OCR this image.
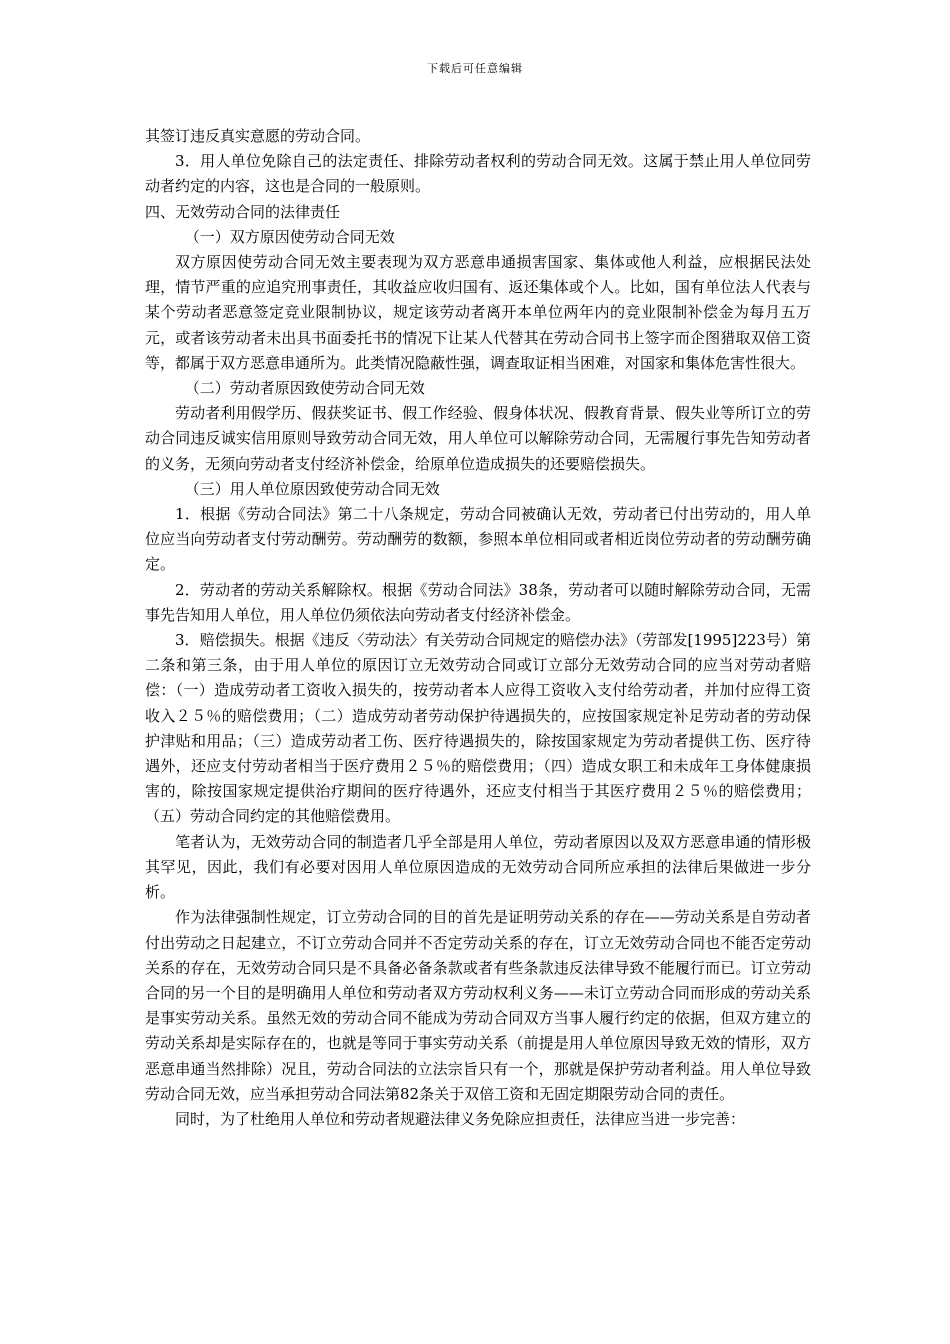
下载后可任意编辑

其签订违反真实意愿的劳动合同。

3．用人单位免除自己的法定责任、排除劳动者权利的劳动合同无效。这属于禁止用人单位同劳动者约定的内容，这也是合同的一般原则。

四、无效劳动合同的法律责任

（一）双方原因使劳动合同无效

双方原因使劳动合同无效主要表现为双方恶意串通损害国家、集体或他人利益，应根据民法处理，情节严重的应追究刑事责任，其收益应收归国有、返还集体或个人。比如，国有单位法人代表与某个劳动者恶意签定竞业限制协议，规定该劳动者离开本单位两年内的竞业限制补偿金为每月五万元，或者该劳动者未出具书面委托书的情况下让某人代替其在劳动合同书上签字而企图猎取双倍工资等，都属于双方恶意串通所为。此类情况隐蔽性强，调查取证相当困难，对国家和集体危害性很大。

（二）劳动者原因致使劳动合同无效

劳动者利用假学历、假获奖证书、假工作经验、假身体状况、假教育背景、假失业等所订立的劳动合同违反诚实信用原则导致劳动合同无效，用人单位可以解除劳动合同，无需履行事先告知劳动者的义务，无须向劳动者支付经济补偿金，给原单位造成损失的还要赔偿损失。

（三）用人单位原因致使劳动合同无效

1．根据《劳动合同法》第二十八条规定，劳动合同被确认无效，劳动者已付出劳动的，用人单位应当向劳动者支付劳动酬劳。劳动酬劳的数额，参照本单位相同或者相近岗位劳动者的劳动酬劳确定。

2．劳动者的劳动关系解除权。根据《劳动合同法》38条，劳动者可以随时解除劳动合同，无需事先告知用人单位，用人单位仍须依法向劳动者支付经济补偿金。

3．赔偿损失。根据《违反〈劳动法〉有关劳动合同规定的赔偿办法》（劳部发[1995]223号）第二条和第三条，由于用人单位的原因订立无效劳动合同或订立部分无效劳动合同的应当对劳动者赔偿：（一）造成劳动者工资收入损失的，按劳动者本人应得工资收入支付给劳动者，并加付应得工资收入２５％的赔偿费用；（二）造成劳动者劳动保护待遇损失的，应按国家规定补足劳动者的劳动保护津贴和用品；（三）造成劳动者工伤、医疗待遇损失的，除按国家规定为劳动者提供工伤、医疗待遇外，还应支付劳动者相当于医疗费用２５％的赔偿费用；（四）造成女职工和未成年工身体健康损害的，除按国家规定提供治疗期间的医疗待遇外，还应支付相当于其医疗费用２５％的赔偿费用；（五）劳动合同约定的其他赔偿费用。

笔者认为，无效劳动合同的制造者几乎全部是用人单位，劳动者原因以及双方恶意串通的情形极其罕见，因此，我们有必要对因用人单位原因造成的无效劳动合同所应承担的法律后果做进一步分析。

作为法律强制性规定，订立劳动合同的目的首先是证明劳动关系的存在——劳动关系是自劳动者付出劳动之日起建立，不订立劳动合同并不否定劳动关系的存在，订立无效劳动合同也不能否定劳动关系的存在，无效劳动合同只是不具备必备条款或者有些条款违反法律导致不能履行而已。订立劳动合同的另一个目的是明确用人单位和劳动者双方劳动权利义务——未订立劳动合同而形成的劳动关系是事实劳动关系。虽然无效的劳动合同不能成为劳动合同双方当事人履行约定的依据，但双方建立的劳动关系却是实际存在的，也就是等同于事实劳动关系（前提是用人单位原因导致无效的情形，双方恶意串通当然排除）况且，劳动合同法的立法宗旨只有一个，那就是保护劳动者利益。用人单位导致劳动合同无效，应当承担劳动合同法第82条关于双倍工资和无固定期限劳动合同的责任。

同时，为了杜绝用人单位和劳动者规避法律义务免除应担责任，法律应当进一步完善：
